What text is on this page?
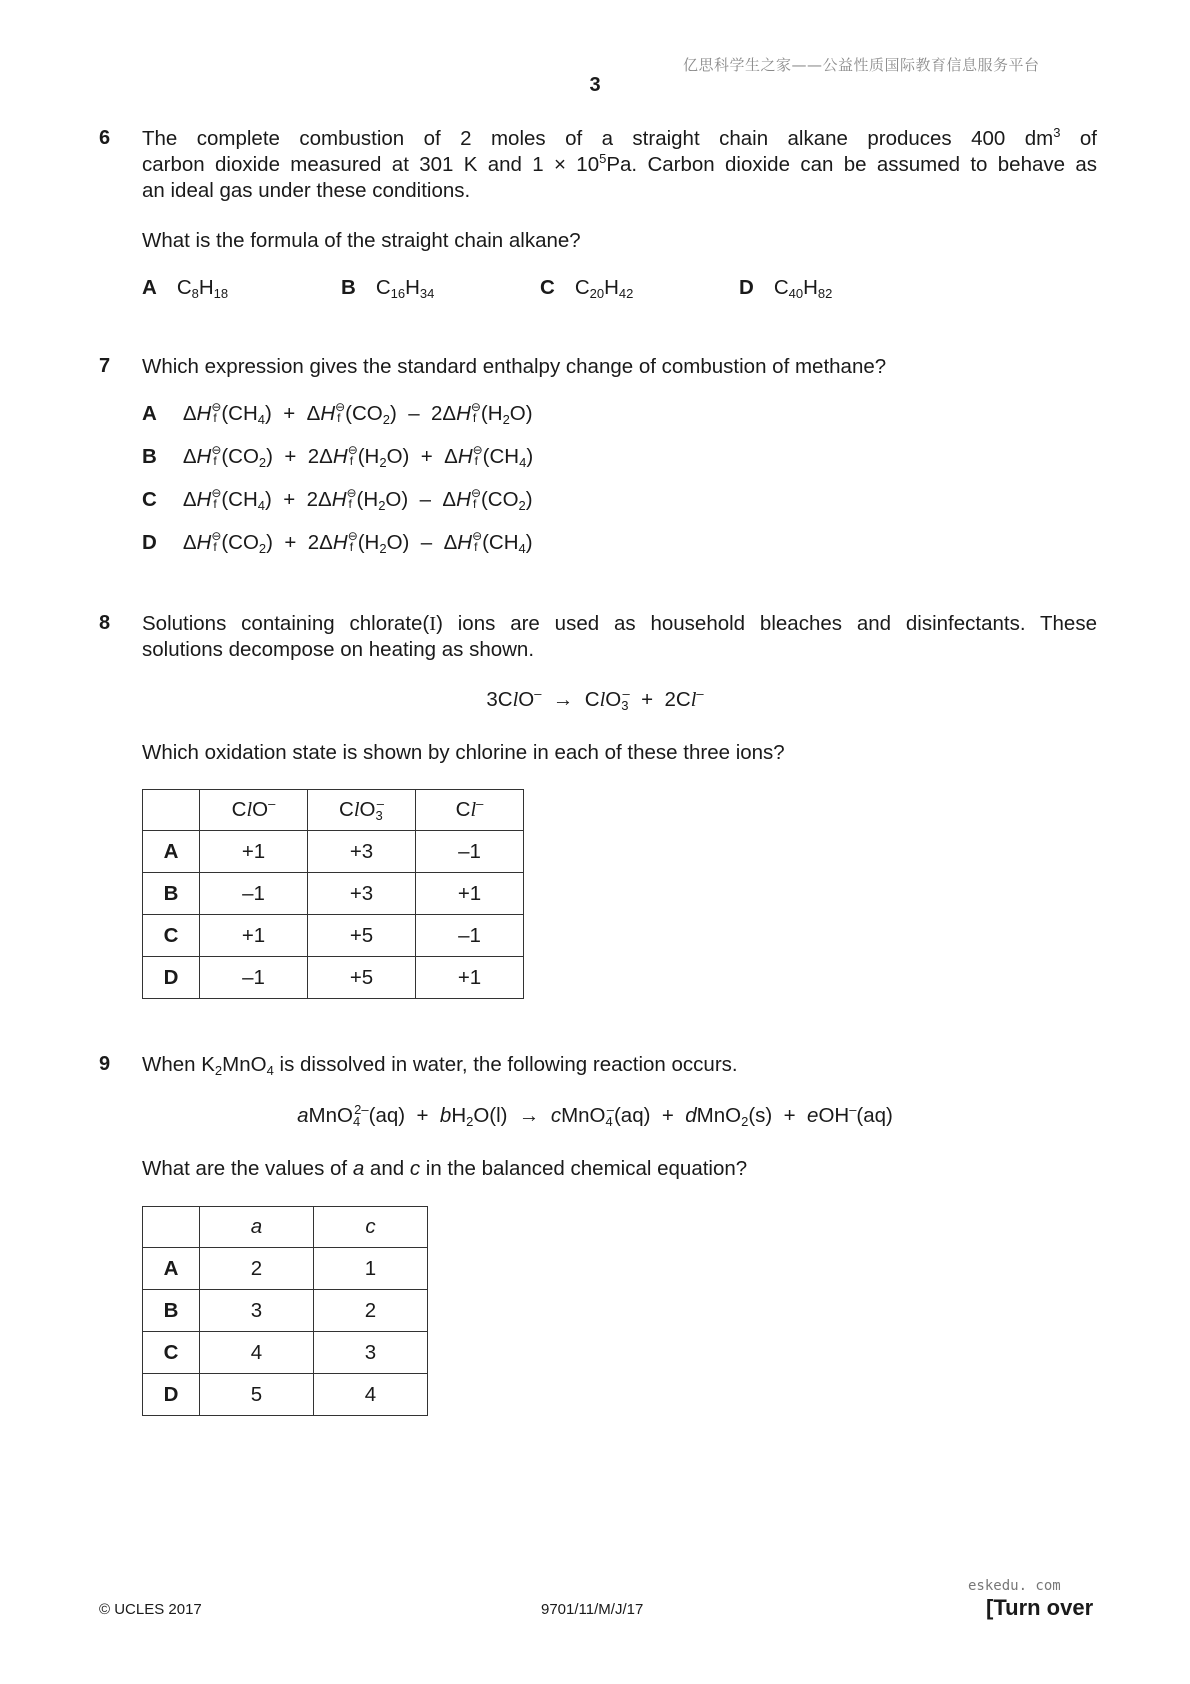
亿思科学生之家——公益性质国际教育信息服务平台
3
6 The complete combustion of 2 moles of a straight chain alkane produces 400 $dm^3$ of
carbon dioxide measured at 301 K and $1 \times 10^5Pa$. Carbon dioxide can be assumed to behave as
an ideal gas under these conditions.
What is the formula of the straight chain alkane?
A $C_8H_{18}$	B $C_{16}H_{34}$	C $C_{20}H_{42}$	D $C_{40}H_{82}$
7 Which expression gives the standard enthalpy change of combustion of methane?
A ΔH ⊖
f $(CH_4) + \Delta H$ ⊖
f $(CO_2) - 2\Delta H$ ⊖
f $(H_2O)$
B ΔH ⊖
f $(CO_2) + 2\Delta H$ ⊖
f $(H_2O) + \Delta H$ ⊖
f $(CH_4)$
C ΔH ⊖
f $(CH_4) + 2\Delta H$ ⊖
f $(H_2O)$ – ΔH ⊖
f $(CO_2)$
D ΔH ⊖
f $(CO_2) + 2\Delta H$ ⊖
f $(H_2O)$ – ΔH ⊖
f $(CH_4)$
8 Solutions containing chlorate(I) ions are used as household bleaches and disinfectants. These
solutions decompose on heating as shown.
3ClO– → ClO$_3$– + 2Cl–
Which oxidation state is shown by chlorine in each of these three ions?
	ClO–	ClO$_3$–	Cl–
A	+1	+3	–1
B	–1	+3	+1
C	+1	+5	–1
D	–1	+5	+1
9 When $K_2MnO_4$ is dissolved in water, the following reaction occurs.
aMnO$_4^{2-}$(aq) + $bH_2O(l)$ → cMnO$_4$–(aq) + dMnO$_2$(s) + eOH–(aq)
What are the values of a and c in the balanced chemical equation?
	a	c
A	2	1
B	3	2
C	4	3
D	5	4
eskedu. com
© UCLES 2017	9701/11/M/J/17	[Turn over
